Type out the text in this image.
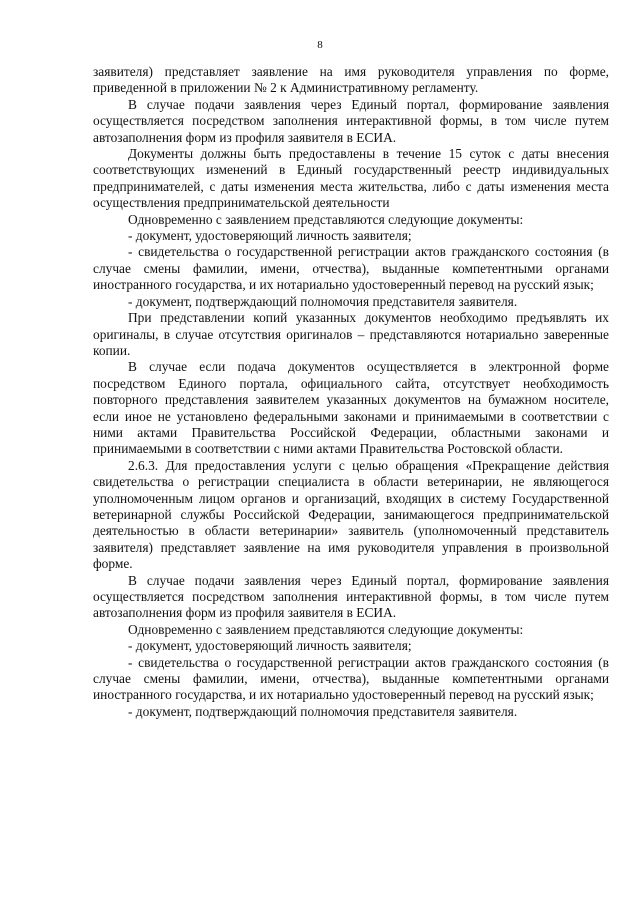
8

заявителя) представляет заявление на имя руководителя управления по форме, приведенной в приложении № 2 к Административному регламенту.

В случае подачи заявления через Единый портал, формирование заявления осуществляется посредством заполнения интерактивной формы, в том числе путем автозаполнения форм из профиля заявителя в ЕСИА.

Документы должны быть предоставлены в течение 15 суток с даты внесения соответствующих изменений в Единый государственный реестр индивидуальных предпринимателей, с даты изменения места жительства, либо с даты изменения места осуществления предпринимательской деятельности

Одновременно с заявлением представляются следующие документы:

- документ, удостоверяющий личность заявителя;

- свидетельства о государственной регистрации актов гражданского состояния (в случае смены фамилии, имени, отчества), выданные компетентными органами иностранного государства, и их нотариально удостоверенный перевод на русский язык;

- документ, подтверждающий полномочия представителя заявителя.

При представлении копий указанных документов необходимо предъявлять их оригиналы, в случае отсутствия оригиналов – представляются нотариально заверенные копии.

В случае если подача документов осуществляется в электронной форме посредством Единого портала, официального сайта, отсутствует необходимость повторного представления заявителем указанных документов на бумажном носителе, если иное не установлено федеральными законами и принимаемыми в соответствии с ними актами Правительства Российской Федерации, областными законами и принимаемыми в соответствии с ними актами Правительства Ростовской области.

2.6.3. Для предоставления услуги с целью обращения «Прекращение действия свидетельства о регистрации специалиста в области ветеринарии, не являющегося уполномоченным лицом органов и организаций, входящих в систему Государственной ветеринарной службы Российской Федерации, занимающегося предпринимательской деятельностью в области ветеринарии» заявитель (уполномоченный представитель заявителя) представляет заявление на имя руководителя управления в произвольной форме.

В случае подачи заявления через Единый портал, формирование заявления осуществляется посредством заполнения интерактивной формы, в том числе путем автозаполнения форм из профиля заявителя в ЕСИА.

Одновременно с заявлением представляются следующие документы:

- документ, удостоверяющий личность заявителя;

- свидетельства о государственной регистрации актов гражданского состояния (в случае смены фамилии, имени, отчества), выданные компетентными органами иностранного государства, и их нотариально удостоверенный перевод на русский язык;

- документ, подтверждающий полномочия представителя заявителя.
